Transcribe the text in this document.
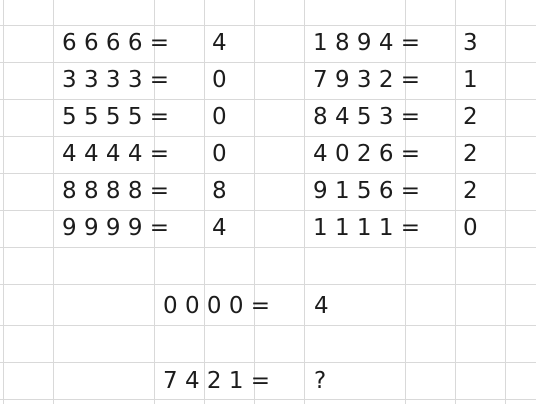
6 6 6 6 = 4
3 3 3 3 = 0
5 5 5 5 = 0
4 4 4 4 = 0
8 8 8 8 = 8
9 9 9 9 = 4
1 8 9 4 = 3
7 9 3 2 = 1
8 4 5 3 = 2
4 0 2 6 = 2
9 1 5 6 = 2
1 1 1 1 = 0
0 0 0 0 = 4
7 4 2 1 = ?
